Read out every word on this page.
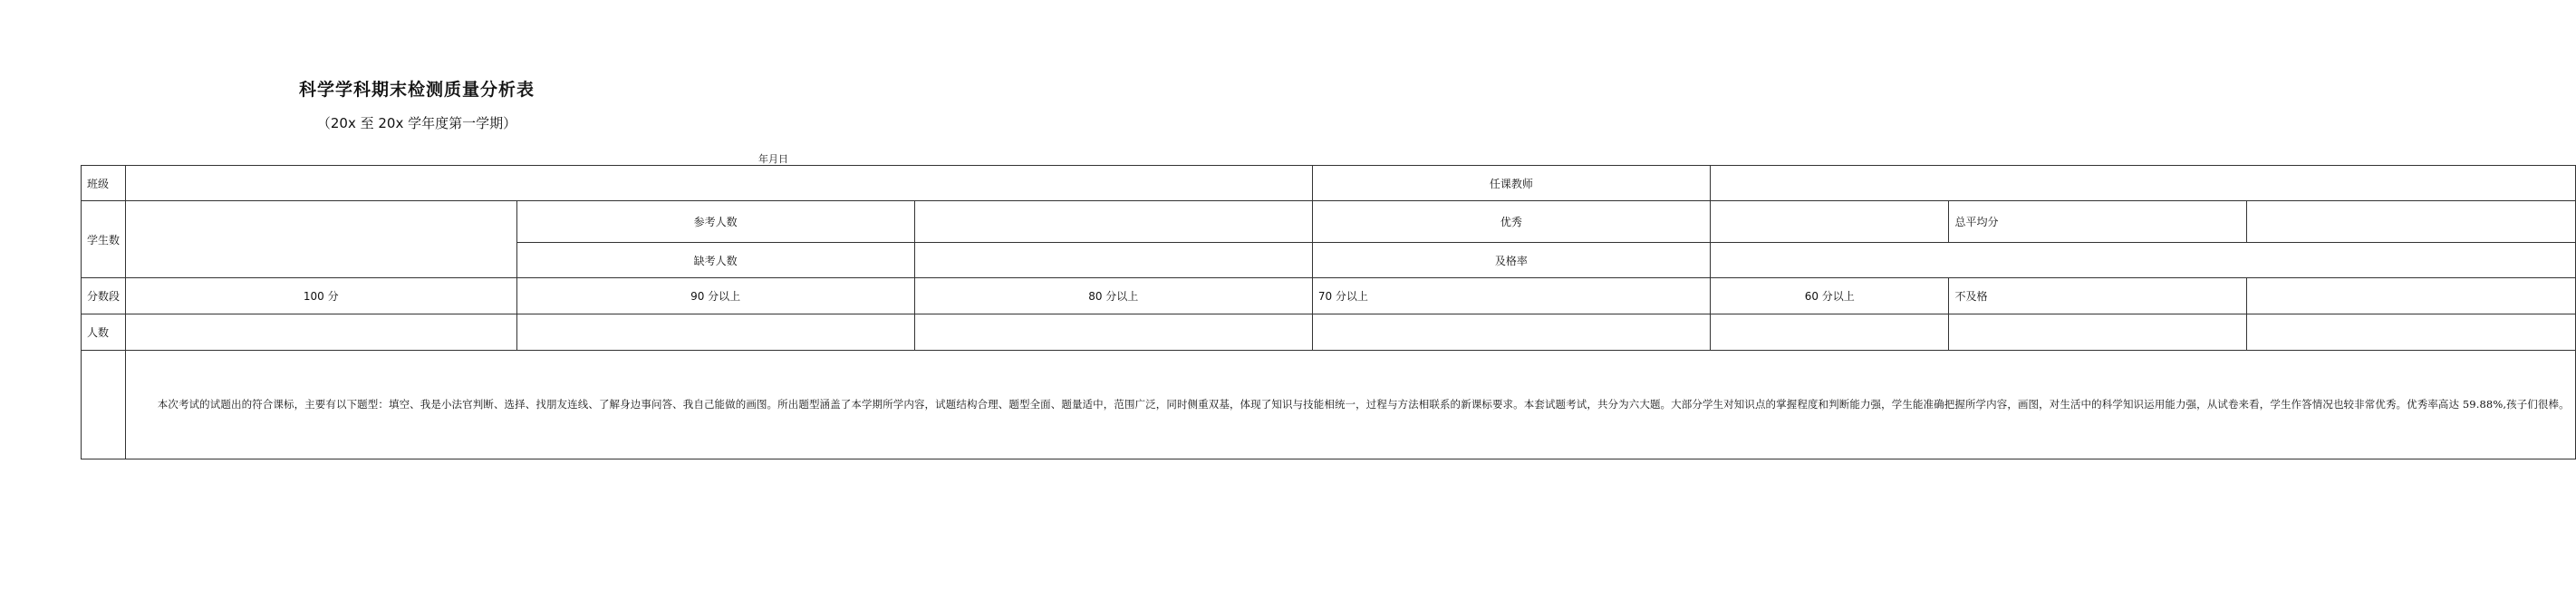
科学学科期末检测质量分析表
（20x 至 20x 学年度第一学期）
年月日
班级				任课教师			
学生数		参考人数		优秀		总平均分	
		缺考人数		及格率			
分数段	100 分	90 分以上	80 分以上	70 分以上	60 分以上	不及格	
人数							
	本次考试的试题出的符合课标，主要有以下题型：填空、我是小法官判断、选择、找朋友连线、了解身边事问答、我自己能做的画图。所出题型涵盖了本学期所学内容，试题结构合理、题型全面、题量适中，范围广泛，同时侧重双基，体现了知识与技能相统一，过程与方法相联系的新课标要求。本套试题考试，共分为六大题。大部分学生对知识点的掌握程度和判断能力强，学生能准确把握所学内容，画图，对生活中的科学知识运用能力强，从试卷来看，学生作答情况也较非常优秀。优秀率高达 59.88%,孩子们很棒。						
